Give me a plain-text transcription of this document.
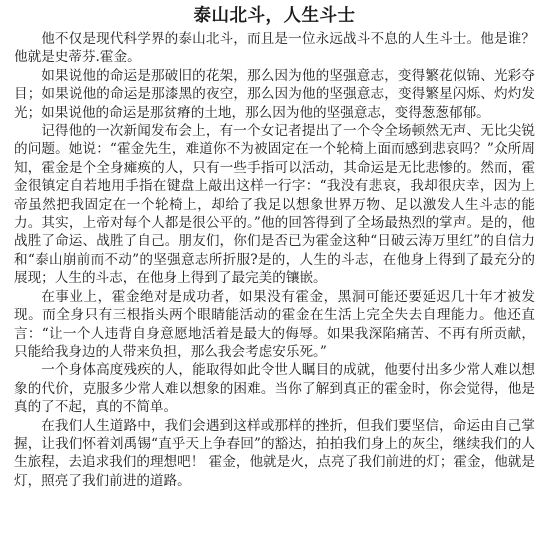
泰山北斗，人生斗士

他不仅是现代科学界的泰山北斗，而且是一位永远战斗不息的人生斗士。他是谁？他就是史蒂芬.霍金。

如果说他的命运是那破旧的花架，那么因为他的坚强意志，变得繁花似锦、光彩夺目；如果说他的命运是那漆黑的夜空，那么因为他的坚强意志，变得繁星闪烁、灼灼发光；如果说他的命运是那贫瘠的土地，那么因为他的坚强意志，变得葱葱郁郁。

记得他的一次新闻发布会上，有一个女记者提出了一个令全场顿然无声、无比尖锐的问题。她说：“霍金先生，难道你不为被固定在一个轮椅上面而感到悲哀吗？”众所周知，霍金是个全身瘫痪的人，只有一些手指可以活动，其命运是无比悲惨的。然而，霍金很镇定自若地用手指在键盘上敲出这样一行字：“我没有悲哀，我却很庆幸，因为上帝虽然把我固定在一个轮椅上，却给了我足以想象世界万物、足以激发人生斗志的能力。其实，上帝对每个人都是很公平的。”他的回答得到了全场最热烈的掌声。是的，他战胜了命运、战胜了自己。朋友们，你们是否已为霍金这种“日破云涛万里红”的自信力和“泰山崩前而不动”的坚强意志所折服?是的，人生的斗志，在他身上得到了最充分的展现；人生的斗志，在他身上得到了最完美的镶嵌。

在事业上，霍金绝对是成功者，如果没有霍金，黑洞可能还要延迟几十年才被发现。而全身只有三根指头两个眼睛能活动的霍金在生活上完全失去自理能力。他还直言：“让一个人违背自身意愿地活着是最大的侮辱。如果我深陷痛苦、不再有所贡献，只能给我身边的人带来负担，那么我会考虑安乐死。”

一个身体高度残疾的人，能取得如此令世人瞩目的成就，他要付出多少常人难以想象的代价，克服多少常人难以想象的困难。当你了解到真正的霍金时，你会觉得，他是真的了不起，真的不简单。

在我们人生道路中，我们会遇到这样或那样的挫折，但我们要坚信，命运由自己掌握，让我们怀着刘禹锡“直乎天上争春回”的豁达，拍拍我们身上的灰尘，继续我们的人生旅程，去追求我们的理想吧！ 霍金，他就是火，点亮了我们前进的灯；霍金，他就是灯，照亮了我们前进的道路。
